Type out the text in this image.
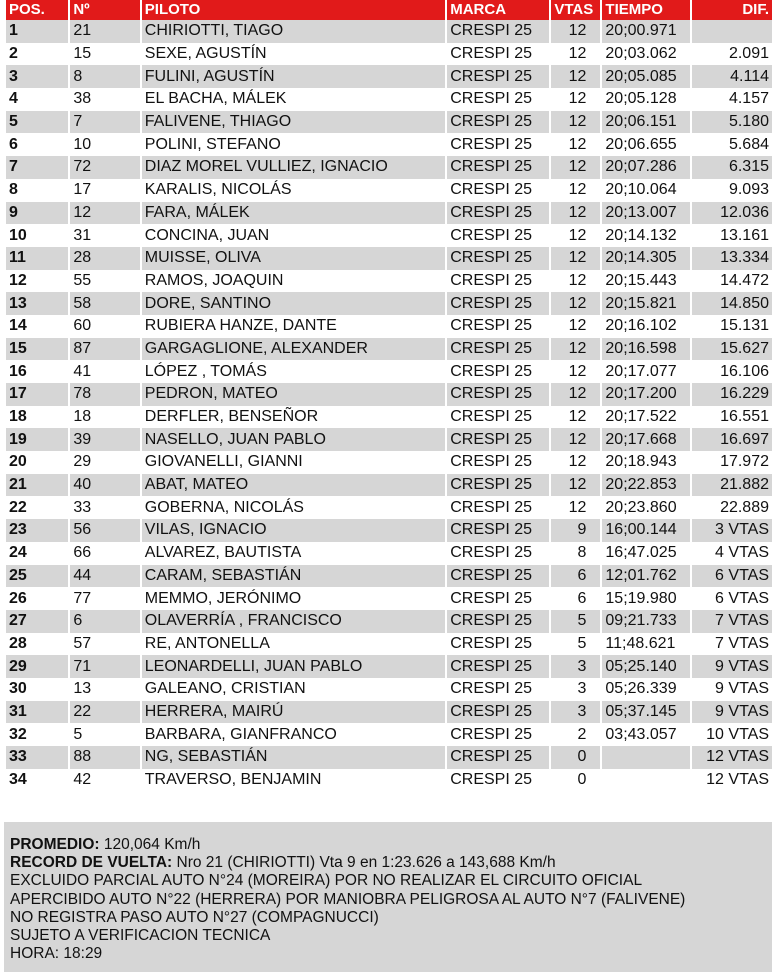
POS.	Nº	PILOTO	MARCA	VTAS	TIEMPO	DIF.
1	21	CHIRIOTTI, TIAGO	CRESPI 25	12	20;00.971	
2	15	SEXE, AGUSTÍN	CRESPI 25	12	20;03.062	2.091
3	8	FULINI, AGUSTÍN	CRESPI 25	12	20;05.085	4.114
4	38	EL BACHA, MÁLEK	CRESPI 25	12	20;05.128	4.157
5	7	FALIVENE, THIAGO	CRESPI 25	12	20;06.151	5.180
6	10	POLINI, STEFANO	CRESPI 25	12	20;06.655	5.684
7	72	DIAZ MOREL VULLIEZ, IGNACIO	CRESPI 25	12	20;07.286	6.315
8	17	KARALIS, NICOLÁS	CRESPI 25	12	20;10.064	9.093
9	12	FARA, MÁLEK	CRESPI 25	12	20;13.007	12.036
10	31	CONCINA, JUAN	CRESPI 25	12	20;14.132	13.161
11	28	MUISSE, OLIVA	CRESPI 25	12	20;14.305	13.334
12	55	RAMOS, JOAQUIN	CRESPI 25	12	20;15.443	14.472
13	58	DORE, SANTINO	CRESPI 25	12	20;15.821	14.850
14	60	RUBIERA HANZE, DANTE	CRESPI 25	12	20;16.102	15.131
15	87	GARGAGLIONE, ALEXANDER	CRESPI 25	12	20;16.598	15.627
16	41	LÓPEZ , TOMÁS	CRESPI 25	12	20;17.077	16.106
17	78	PEDRON, MATEO	CRESPI 25	12	20;17.200	16.229
18	18	DERFLER, BENSEÑOR	CRESPI 25	12	20;17.522	16.551
19	39	NASELLO, JUAN PABLO	CRESPI 25	12	20;17.668	16.697
20	29	GIOVANELLI, GIANNI	CRESPI 25	12	20;18.943	17.972
21	40	ABAT, MATEO	CRESPI 25	12	20;22.853	21.882
22	33	GOBERNA, NICOLÁS	CRESPI 25	12	20;23.860	22.889
23	56	VILAS, IGNACIO	CRESPI 25	9	16;00.144	3 VTAS
24	66	ALVAREZ, BAUTISTA	CRESPI 25	8	16;47.025	4 VTAS
25	44	CARAM, SEBASTIÁN	CRESPI 25	6	12;01.762	6 VTAS
26	77	MEMMO, JERÓNIMO	CRESPI 25	6	15;19.980	6 VTAS
27	6	OLAVERRÍA , FRANCISCO	CRESPI 25	5	09;21.733	7 VTAS
28	57	RE, ANTONELLA	CRESPI 25	5	11;48.621	7 VTAS
29	71	LEONARDELLI, JUAN PABLO	CRESPI 25	3	05;25.140	9 VTAS
30	13	GALEANO, CRISTIAN	CRESPI 25	3	05;26.339	9 VTAS
31	22	HERRERA, MAIRÚ	CRESPI 25	3	05;37.145	9 VTAS
32	5	BARBARA, GIANFRANCO	CRESPI 25	2	03;43.057	10 VTAS
33	88	NG, SEBASTIÁN	CRESPI 25	0		12 VTAS
34	42	TRAVERSO, BENJAMIN	CRESPI 25	0		12 VTAS
PROMEDIO: 120,064 Km/h
RECORD DE VUELTA: Nro 21 (CHIRIOTTI) Vta 9 en 1:23.626 a 143,688 Km/h
EXCLUIDO PARCIAL AUTO N°24 (MOREIRA) POR NO REALIZAR EL CIRCUITO OFICIAL
APERCIBIDO AUTO N°22 (HERRERA) POR MANIOBRA PELIGROSA AL AUTO N°7 (FALIVENE)
NO REGISTRA PASO AUTO N°27 (COMPAGNUCCI)
SUJETO A VERIFICACION TECNICA
HORA: 18:29
